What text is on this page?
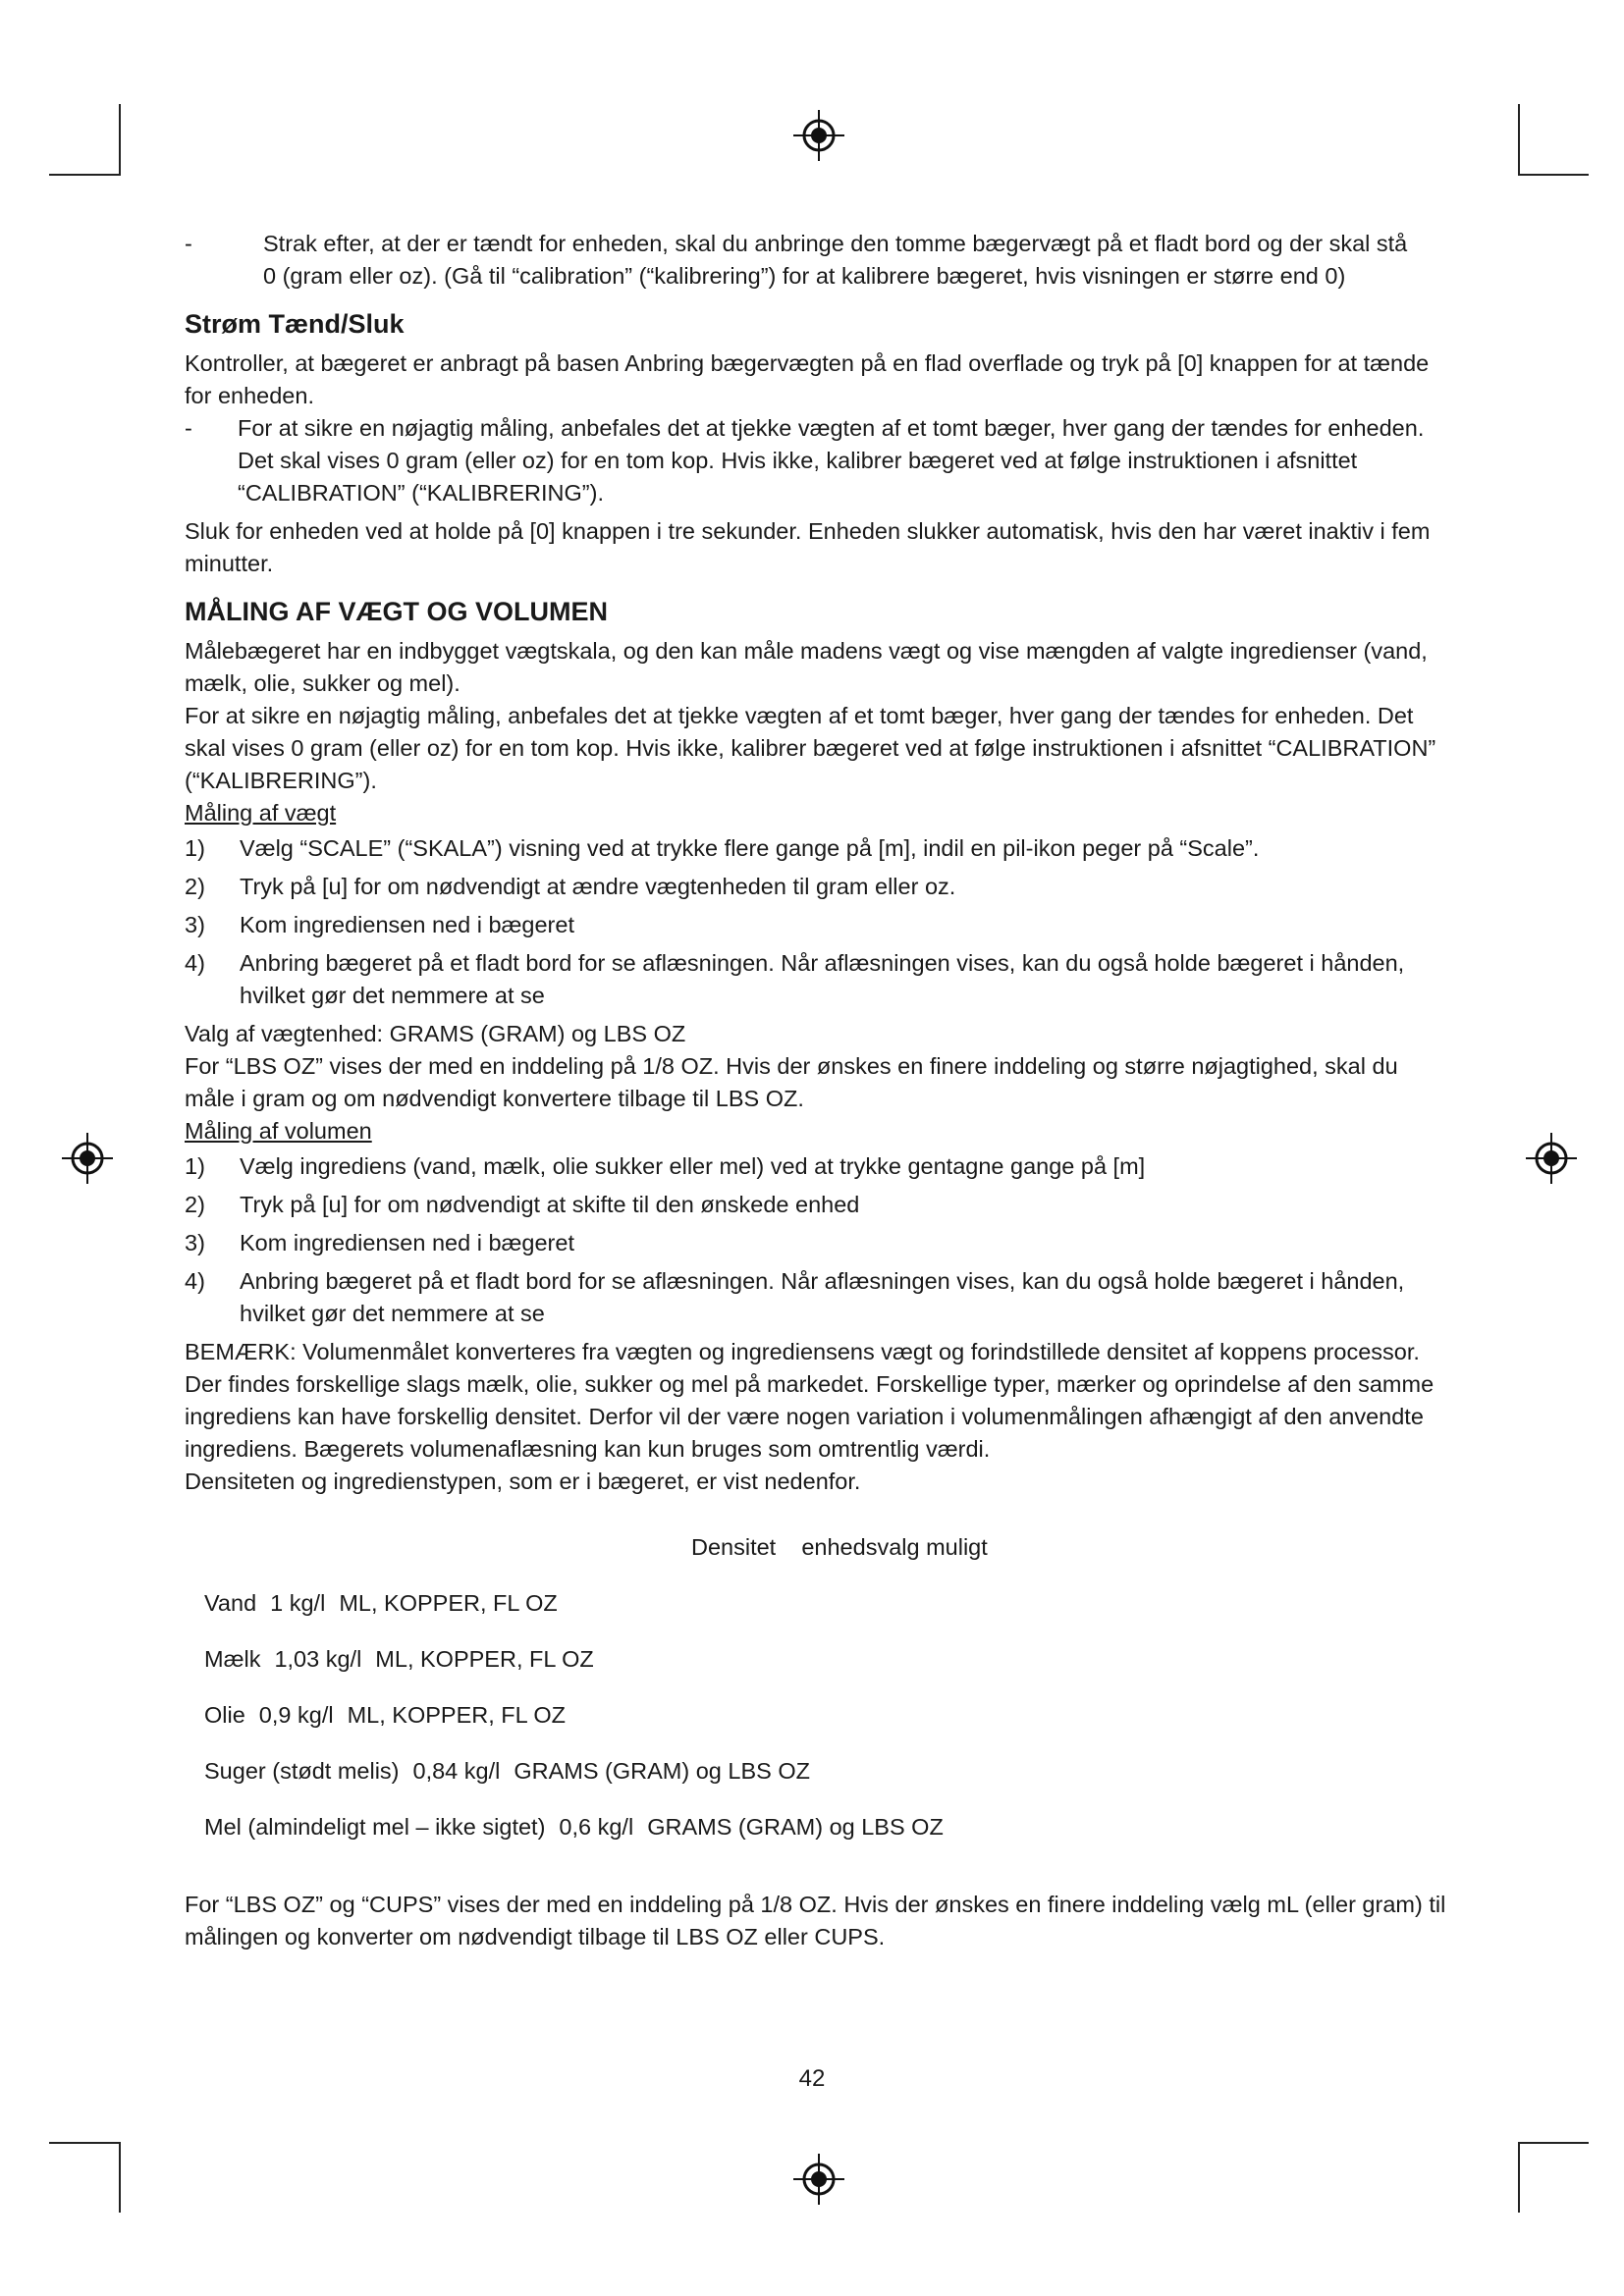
-	Strak efter, at der er tændt for enheden, skal du anbringe den tomme bægervægt på et fladt bord og der skal stå 0 (gram eller oz). (Gå til “calibration” (“kalibrering”) for at kalibrere bægeret, hvis visningen er større end 0)

Strøm Tænd/Sluk

Kontroller, at bægeret er anbragt på basen Anbring bægervægten på en flad overflade og tryk på [0] knappen for at tænde for enheden.

-	For at sikre en nøjagtig måling, anbefales det at tjekke vægten af et tomt bæger, hver gang der tændes for enheden. Det skal vises 0 gram (eller oz) for en tom kop. Hvis ikke, kalibrer bægeret ved at følge instruktionen i afsnittet “CALIBRATION” (“KALIBRERING”).

Sluk for enheden ved at holde på [0] knappen i tre sekunder. Enheden slukker automatisk, hvis den har været inaktiv i fem minutter.

MÅLING AF VÆGT OG VOLUMEN

Målebægeret har en indbygget vægtskala, og den kan måle madens vægt og vise mængden af valgte ingredienser (vand, mælk, olie, sukker og mel).

For at sikre en nøjagtig måling, anbefales det at tjekke vægten af et tomt bæger, hver gang der tændes for enheden. Det skal vises 0 gram (eller oz) for en tom kop. Hvis ikke, kalibrer bægeret ved at følge instruktionen i afsnittet “CALIBRATION” (“KALIBRERING”).

Måling af vægt

1) Vælg “SCALE” (“SKALA”) visning ved at trykke flere gange på [m], indil en pil-ikon peger på “Scale”.
2) Tryk på [u] for om nødvendigt at ændre vægtenheden til gram eller oz.
3) Kom ingrediensen ned i bægeret
4) Anbring bægeret på et fladt bord for se aflæsningen. Når aflæsningen vises, kan du også holde bægeret i hånden, hvilket gør det nemmere at se

Valg af vægtenhed: GRAMS (GRAM) og LBS OZ

For “LBS OZ” vises der med en inddeling på 1/8 OZ. Hvis der ønskes en finere inddeling og større nøjagtighed, skal du måle i gram og om nødvendigt konvertere tilbage til LBS OZ.

Måling af volumen

1) Vælg ingrediens (vand, mælk, olie sukker eller mel) ved at trykke gentagne gange på [m]
2) Tryk på [u] for om nødvendigt at skifte til den ønskede enhed
3) Kom ingrediensen ned i bægeret
4) Anbring bægeret på et fladt bord for se aflæsningen. Når aflæsningen vises, kan du også holde bægeret i hånden, hvilket gør det nemmere at se

BEMÆRK: Volumenmålet konverteres fra vægten og ingrediensens vægt og forindstillede densitet af koppens processor. Der findes forskellige slags mælk, olie, sukker og mel på markedet. Forskellige typer, mærker og oprindelse af den samme ingrediens kan have forskellig densitet. Derfor vil der være nogen variation i volumenmålingen afhængigt af den anvendte ingrediens. Bægerets volumenaflæsning kan kun bruges som omtrentlig værdi.

Densiteten og ingredienstypen, som er i bægeret, er vist nedenfor.

Densitet enhedsvalg muligt
Vand 1 kg/l ML, KOPPER, FL OZ
Mælk 1,03 kg/l ML, KOPPER, FL OZ
Olie 0,9 kg/l ML, KOPPER, FL OZ
Suger (stødt melis) 0,84 kg/l GRAMS (GRAM) og LBS OZ
Mel (almindeligt mel – ikke sigtet) 0,6 kg/l GRAMS (GRAM) og LBS OZ

For “LBS OZ” og “CUPS” vises der med en inddeling på 1/8 OZ. Hvis der ønskes en finere inddeling vælg mL (eller gram) til målingen og konverter om nødvendigt tilbage til LBS OZ eller CUPS.

42
